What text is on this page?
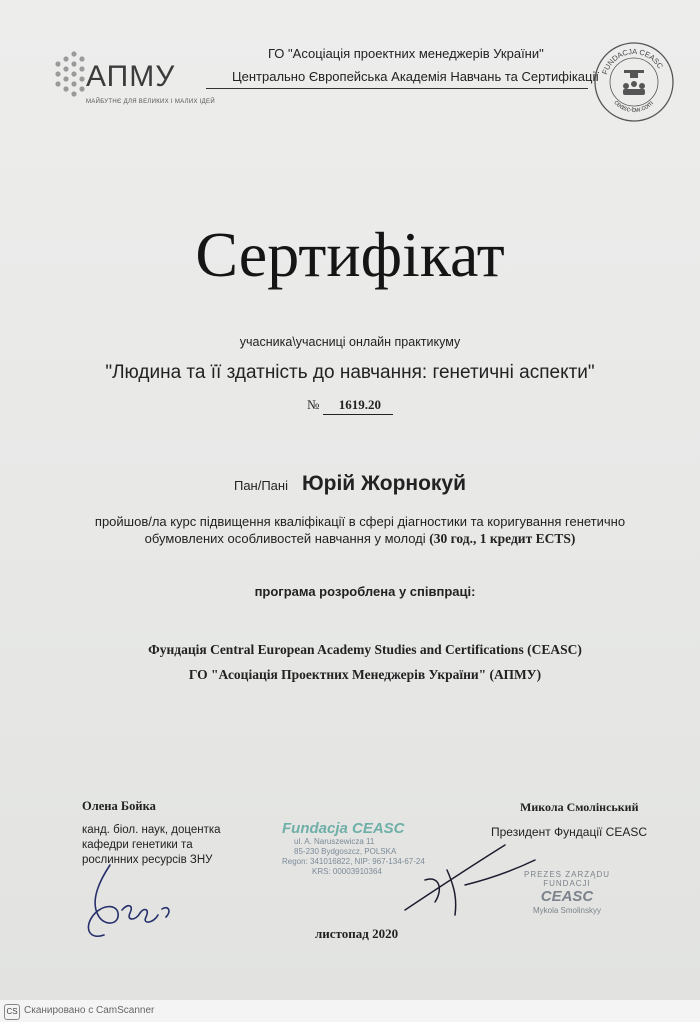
АПМУ
МАЙБУТНЄ ДЛЯ ВЕЛИКИХ І МАЛИХ ІДЕЙ
ГО "Асоціація проектних менеджерів України"
Центрально Європейська Академія Навчань та Сертифікації FUNDACJA CEASC
ceasc-bw.com
Сертифікат
учасника\учасниці онлайн практикуму
"Людина та її здатність до навчання: генетичні аспекти"
№ 1619.20
Пан/Пані Юрій Жорнокуй
пройшов/ла курс підвищення кваліфікації в сфері діагностики та коригування генетично обумовлених особливостей навчання у молоді (30 год., 1 кредит ECTS)
програма розроблена у співпраці:
Фундація Central European Academy Studies and Certifications (CEASC)
ГО "Асоціація Проектних Менеджерів України" (АПМУ)
Олена Бойка
канд. біол. наук, доцентка кафедри генетики та рослинних ресурсів ЗНУ
Микола Смолінський
Президент Фундації CEASC
Fundacja CEASC
ul. A. Naruszewicza 11
85-230 Bydgoszcz, POLSKA
Regon: 341016822, NIP: 967-134-67-24
KRS: 0000391036​4	PREZES ZARZĄDU
FUNDACJI
CEASC
Mykola Smolinskyy
листопад 2020
CS Сканировано с CamScanner
